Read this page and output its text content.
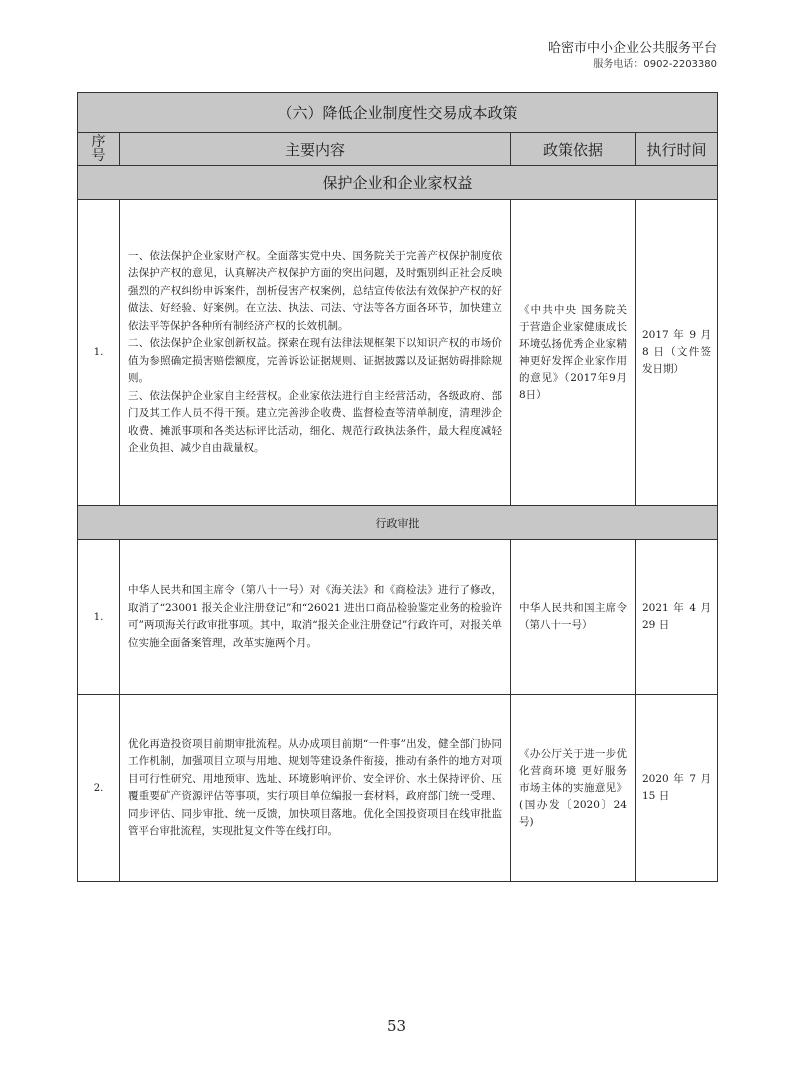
哈密市中小企业公共服务平台
服务电话：0902-2203380
（六）降低企业制度性交易成本政策			
序号	主要内容	政策依据	执行时间
保护企业和企业家权益			
1.	一、依法保护企业家财产权。全面落实党中央、国务院关于完善产权保护制度依法保护产权的意见，认真解决产权保护方面的突出问题，及时甄别纠正社会反映强烈的产权纠纷申诉案件，剖析侵害产权案例，总结宣传依法有效保护产权的好做法、好经验、好案例。在立法、执法、司法、守法等各方面各环节，加快建立依法平等保护各种所有制经济产权的长效机制。

二、依法保护企业家创新权益。探索在现有法律法规框架下以知识产权的市场价值为参照确定损害赔偿额度，完善诉讼证据规则、证据披露以及证据妨碍排除规则。

三、依法保护企业家自主经营权。企业家依法进行自主经营活动，各级政府、部门及其工作人员不得干预。建立完善涉企收费、监督检查等清单制度，清理涉企收费、摊派事项和各类达标评比活动，细化、规范行政执法条件，最大程度减轻企业负担、减少自由裁量权。	《中共中央 国务院关于营造企业家健康成长环境弘扬优秀企业家精神更好发挥企业家作用的意见》（2017年9月8日）	2017 年 9 月 8 日（文件签发日期）
行政审批			
1.	中华人民共和国主席令（第八十一号）对《海关法》和《商检法》进行了修改，取消了“23001 报关企业注册登记”和“26021 进出口商品检验鉴定业务的检验许可”两项海关行政审批事项。其中，取消“报关企业注册登记”行政许可，对报关单位实施全面备案管理，改革实施两个月。	中华人民共和国主席令（第八十一号）	2021 年 4 月 29 日
2.	优化再造投资项目前期审批流程。从办成项目前期“一件事”出发，健全部门协同工作机制，加强项目立项与用地、规划等建设条件衔接，推动有条件的地方对项目可行性研究、用地预审、选址、环境影响评价、安全评价、水土保持评价、压覆重要矿产资源评估等事项，实行项目单位编报一套材料，政府部门统一受理、同步评估、同步审批、统一反馈，加快项目落地。优化全国投资项目在线审批监管平台审批流程，实现批复文件等在线打印。	《办公厅关于进一步优化营商环境 更好服务市场主体的实施意见》(国办发〔2020〕24 号)	2020 年 7 月 15 日
53
